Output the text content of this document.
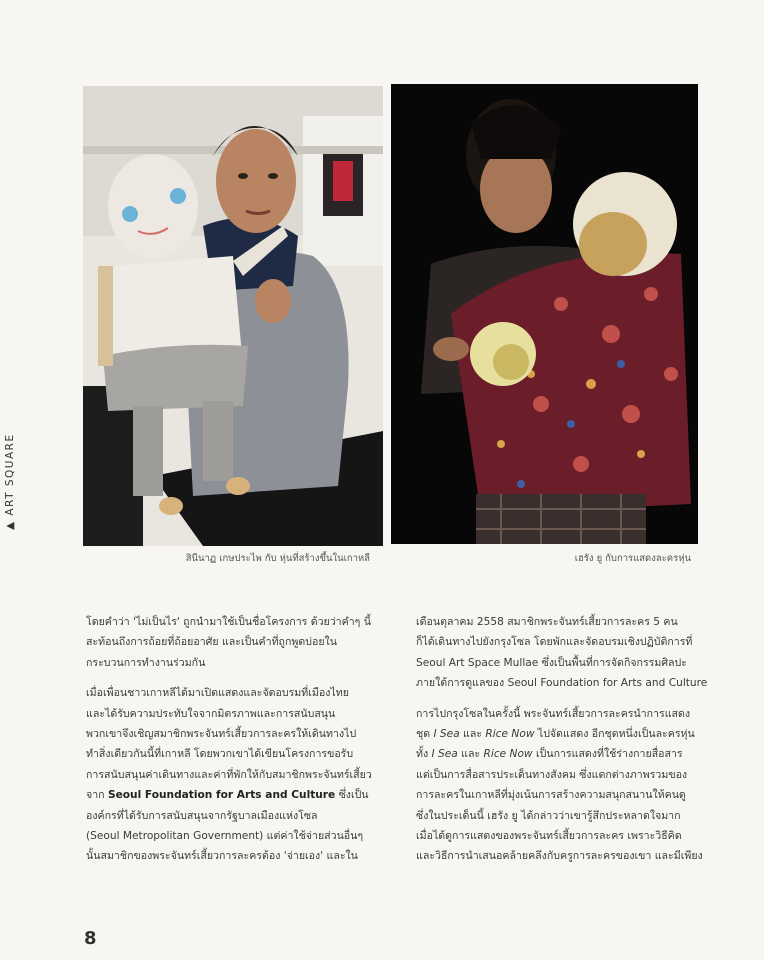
▲ ART SQUARE
สินีนาฏ เกษประไพ กับ หุ่นที่สร้างขึ้นในเกาหลี	เฮรัง ยู กับการแสดงละครหุ่น

โดยคำว่า 'ไม่เป็นไร' ถูกนำมาใช้เป็นชื่อโครงการ ด้วยว่าคำๆ นี้
สะท้อนถึงการถ้อยที่ถ้อยอาศัย และเป็นคำที่ถูกพูดบ่อยใน
กระบวนการทำงานร่วมกัน

เมื่อเพื่อนชาวเกาหลีได้มาเปิดแสดงและจัดอบรมที่เมืองไทย
และได้รับความประทับใจจากมิตรภาพและการสนับสนุน
พวกเขาจึงเชิญสมาชิกพระจันทร์เสี้ยวการละครให้เดินทางไป
ทำสิ่งเดียวกันนี้ที่เกาหลี โดยพวกเขาได้เขียนโครงการขอรับ
การสนับสนุนค่าเดินทางและค่าที่พักให้กับสมาชิกพระจันทร์เสี้ยว
จาก Seoul Foundation for Arts and Culture ซึ่งเป็น
องค์กรที่ได้รับการสนับสนุนจากรัฐบาลเมืองแห่งโซล
(Seoul Metropolitan Government) แต่ค่าใช้จ่ายส่วนอื่นๆ
นั้นสมาชิกของพระจันทร์เสี้ยวการละครต้อง 'จ่ายเอง' และใน

เดือนตุลาคม 2558 สมาชิกพระจันทร์เสี้ยวการละคร 5 คน
ก็ได้เดินทางไปยังกรุงโซล โดยพักและจัดอบรมเชิงปฏิบัติการที่
Seoul Art Space Mullae ซึ่งเป็นพื้นที่การจัดกิจกรรมศิลปะ
ภายใต้การดูแลของ Seoul Foundation for Arts and Culture

การไปกรุงโซลในครั้งนี้ พระจันทร์เสี้ยวการละครนำการแสดง
ชุด I Sea และ Rice Now ไปจัดแสดง อีกชุดหนึ่งเป็นละครหุ่น
ทั้ง I Sea และ Rice Now เป็นการแสดงที่ใช้ร่างกายสื่อสาร
แต่เป็นการสื่อสารประเด็นทางสังคม ซึ่งแตกต่างภาพรวมของ
การละครในเกาหลีที่มุ่งเน้นการสร้างความสนุกสนานให้คนดู
ซึ่งในประเด็นนี้ เฮรัง ยู ได้กล่าวว่าเขารู้สึกประหลาดใจมาก
เมื่อได้ดูการแสดงของพระจันทร์เสี้ยวการละคร เพราะวิธีคิด
และวิธีการนำเสนอคล้ายคลึงกับครูการละครของเขา และมีเพียง

8
